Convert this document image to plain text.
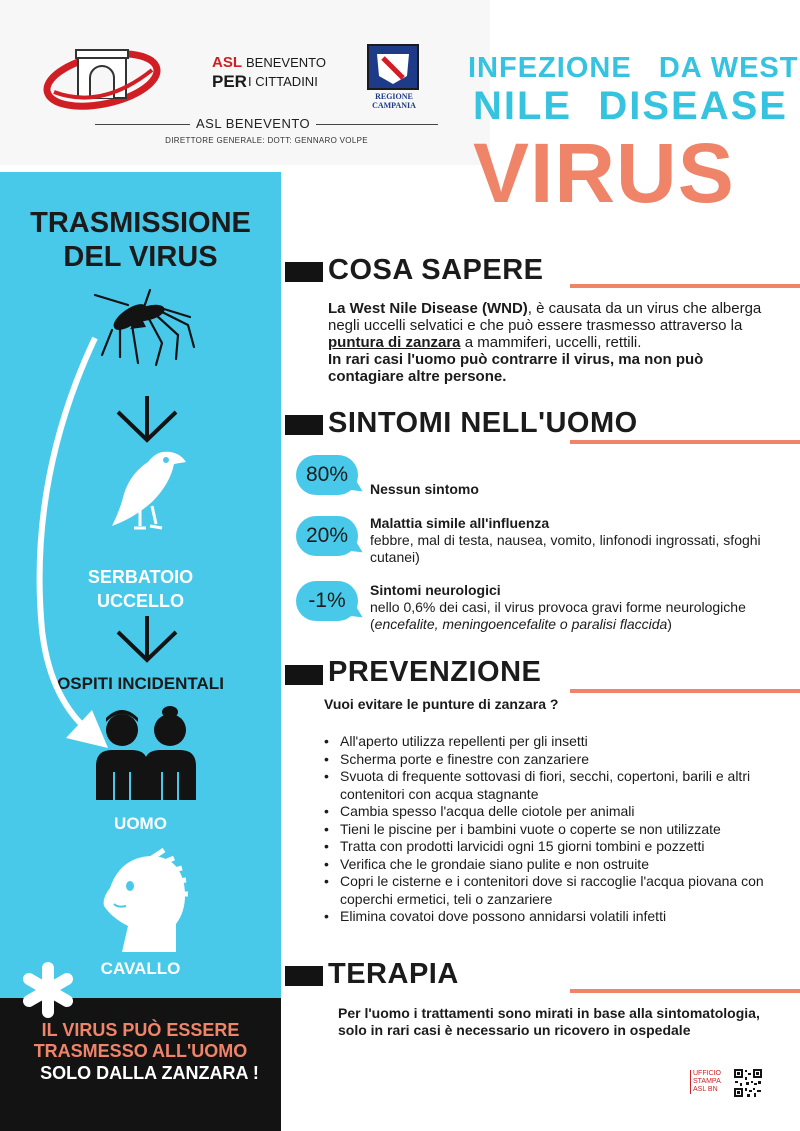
ASL BENEVENTO
PER I CITTADINI
REGIONE CAMPANIA
ASL BENEVENTO
DIRETTORE GENERALE: DOTT: GENNARO VOLPE
INFEZIONE   DA WEST
NILE  DISEASE
VIRUS
TRASMISSIONE
DEL VIRUS
SERBATOIO
UCCELLO
OSPITI INCIDENTALI
UOMO
CAVALLO
IL VIRUS PUÒ ESSERE
TRASMESSO ALL'UOMO
SOLO DALLA ZANZARA !
COSA SAPERE
La West Nile Disease (WND), è causata da un virus che alberga negli uccelli selvatici e che può essere trasmesso attraverso la puntura di zanzara a mammiferi, uccelli, rettili.
In rari casi l'uomo può contrarre il virus, ma non può contagiare altre persone.
SINTOMI NELL'UOMO
80%
Nessun sintomo
20%
Malattia simile all'influenza
febbre, mal di testa, nausea, vomito, linfonodi ingrossati, sfoghi cutanei)
-1%	Sintomi neurologici
nello 0,6% dei casi, il virus provoca gravi forme neurologiche
(encefalite, meningoencefalite o paralisi flaccida)
PREVENZIONE
Vuoi evitare le punture di zanzara ?
• All'aperto utilizza repellenti per gli insetti
• Scherma porte e finestre con zanzariere
• Svuota di frequente sottovasi di fiori, secchi, copertoni, barili e altri contenitori con acqua stagnante
• Cambia spesso l'acqua delle ciotole per animali
• Tieni le piscine per i bambini vuote o coperte se non utilizzate
• Tratta con prodotti larvicidi ogni 15 giorni tombini e pozzetti
• Verifica che le grondaie siano pulite e non ostruite
• Copri le cisterne e i contenitori dove si raccoglie l'acqua piovana con coperchi ermetici, teli o zanzariere
• Elimina covatoi dove possono annidarsi volatili infetti
TERAPIA
Per l'uomo i trattamenti sono mirati in base alla sintomatologia, solo in rari casi è necessario un ricovero in ospedale
UFFICIO STAMPA ASL BN
